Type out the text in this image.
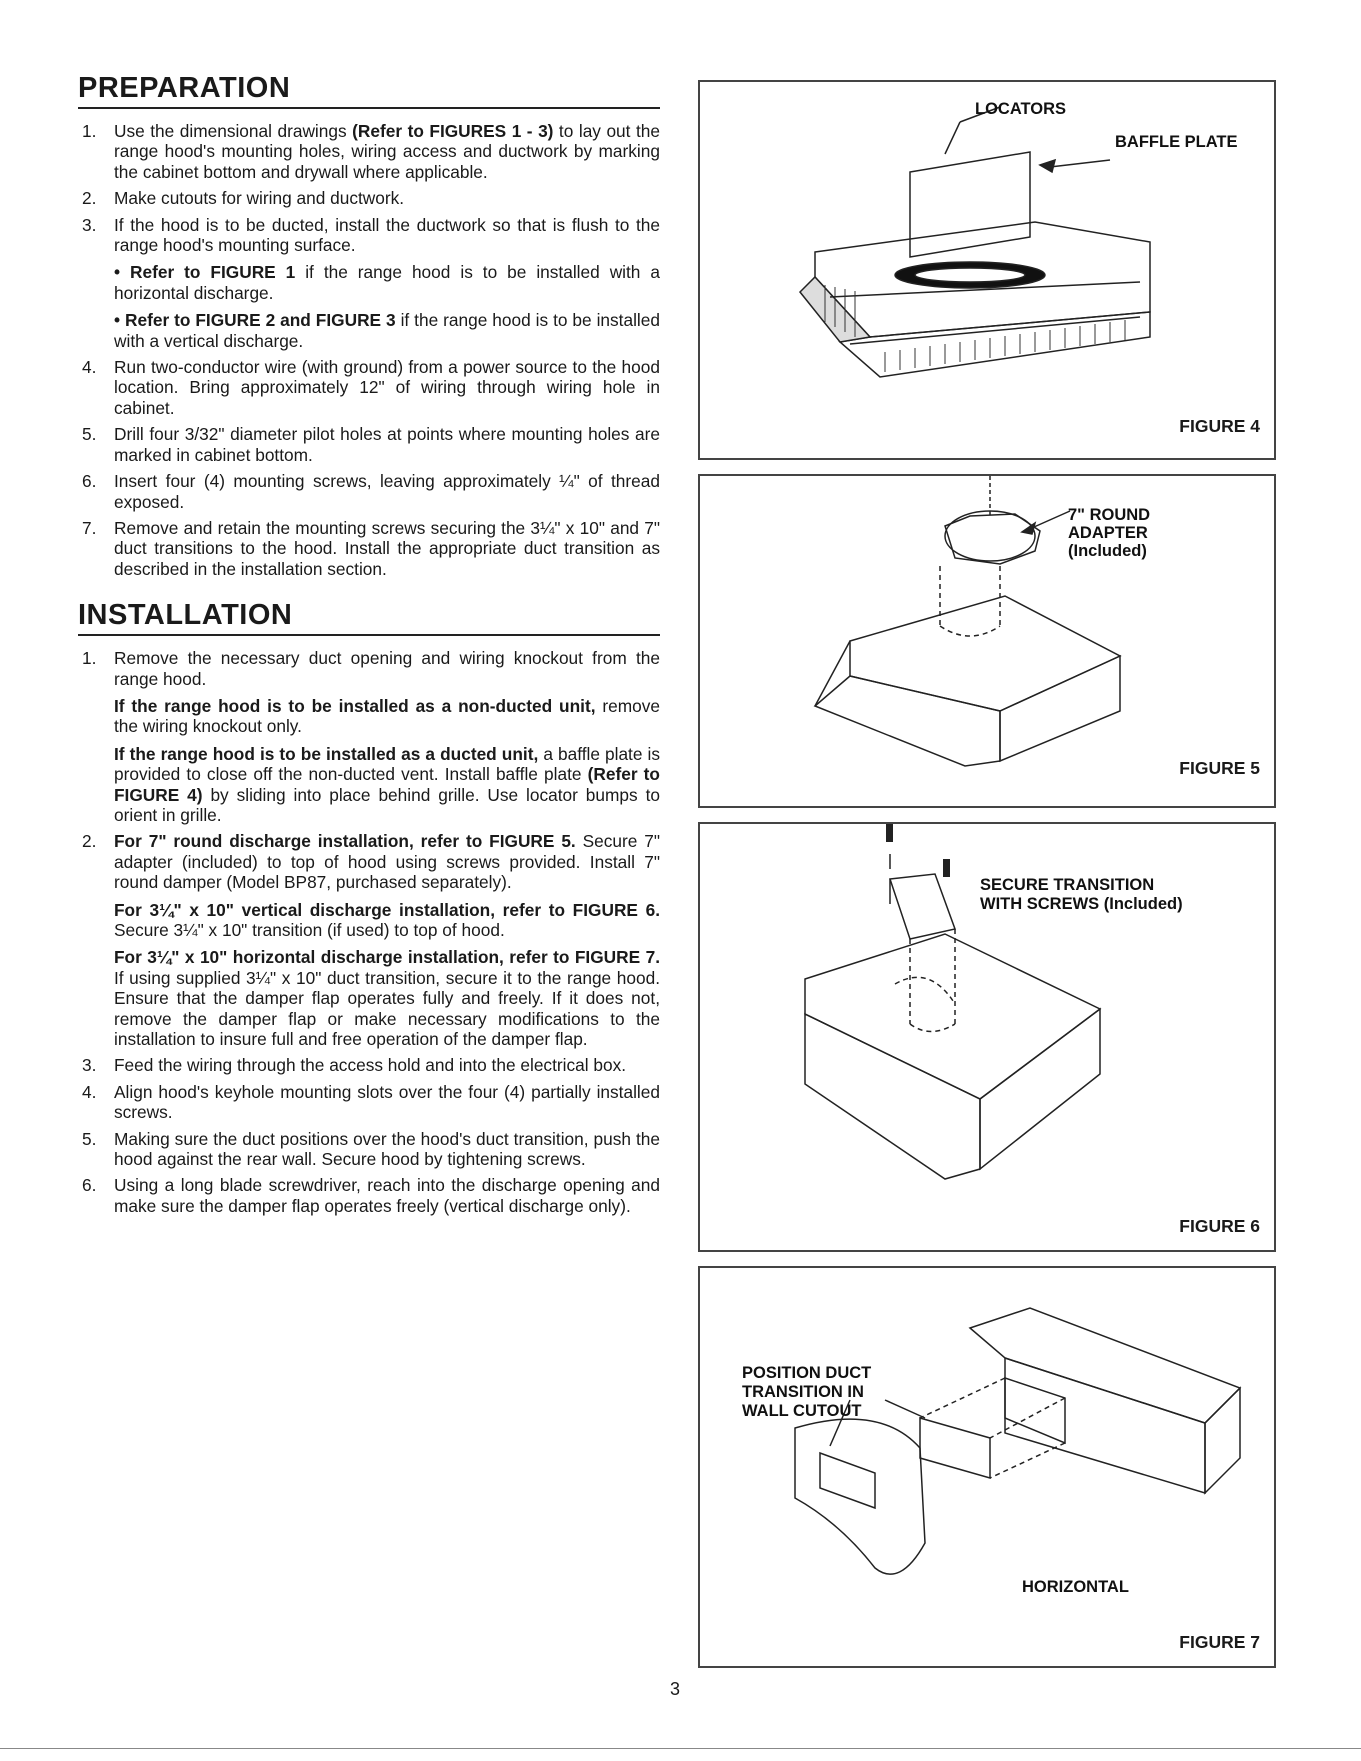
PREPARATION
1. Use the dimensional drawings (Refer to FIGURES 1 - 3) to lay out the range hood's mounting holes, wiring access and ductwork by marking the cabinet bottom and drywall where applicable.
2. Make cutouts for wiring and ductwork.
3. If the hood is to be ducted, install the ductwork so that is flush to the range hood's mounting surface.

• Refer to FIGURE 1 if the range hood is to be installed with a horizontal discharge.

• Refer to FIGURE 2 and FIGURE 3 if the range hood is to be installed with a vertical discharge.

4. Run two-conductor wire (with ground) from a power source to the hood location. Bring approximately 12" of wiring through wiring hole in cabinet.
5. Drill four 3/32" diameter pilot holes at points where mounting holes are marked in cabinet bottom.
6. Insert four (4) mounting screws, leaving approximately ¼" of thread exposed.
7. Remove and retain the mounting screws securing the 3¼" x 10" and 7" duct transitions to the hood. Install the appropriate duct transition as described in the installation section.
INSTALLATION
1. Remove the necessary duct opening and wiring knockout from the range hood.

If the range hood is to be installed as a non-ducted unit, remove the wiring knockout only.

If the range hood is to be installed as a ducted unit, a baffle plate is provided to close off the non-ducted vent. Install baffle plate (Refer to FIGURE 4) by sliding into place behind grille. Use locator bumps to orient in grille.

2. For 7" round discharge installation, refer to FIGURE 5. Secure 7" adapter (included) to top of hood using screws provided. Install 7" round damper (Model BP87, purchased separately).

For 3¼" x 10" vertical discharge installation, refer to FIGURE 6. Secure 3¼" x 10" transition (if used) to top of hood.

For 3¼" x 10" horizontal discharge installation, refer to FIGURE 7. If using supplied 3¼" x 10" duct transition, secure it to the range hood. Ensure that the damper flap operates fully and freely. If it does not, remove the damper flap or make necessary modifications to the installation to insure full and free operation of the damper flap.

3. Feed the wiring through the access hold and into the electrical box.
4. Align hood's keyhole mounting slots over the four (4) partially installed screws.
5. Making sure the duct positions over the hood's duct transition, push the hood against the rear wall. Secure hood by tightening screws.
6. Using a long blade screwdriver, reach into the discharge opening and make sure the damper flap operates freely (vertical discharge only).

LOCATORS

BAFFLE PLATE

FIGURE 4

7" ROUND

ADAPTER

(Included)

FIGURE 5

SECURE TRANSITION

WITH SCREWS (Included)

FIGURE 6

POSITION DUCT

TRANSITION IN

WALL CUTOUT

HORIZONTAL

FIGURE 7
3
